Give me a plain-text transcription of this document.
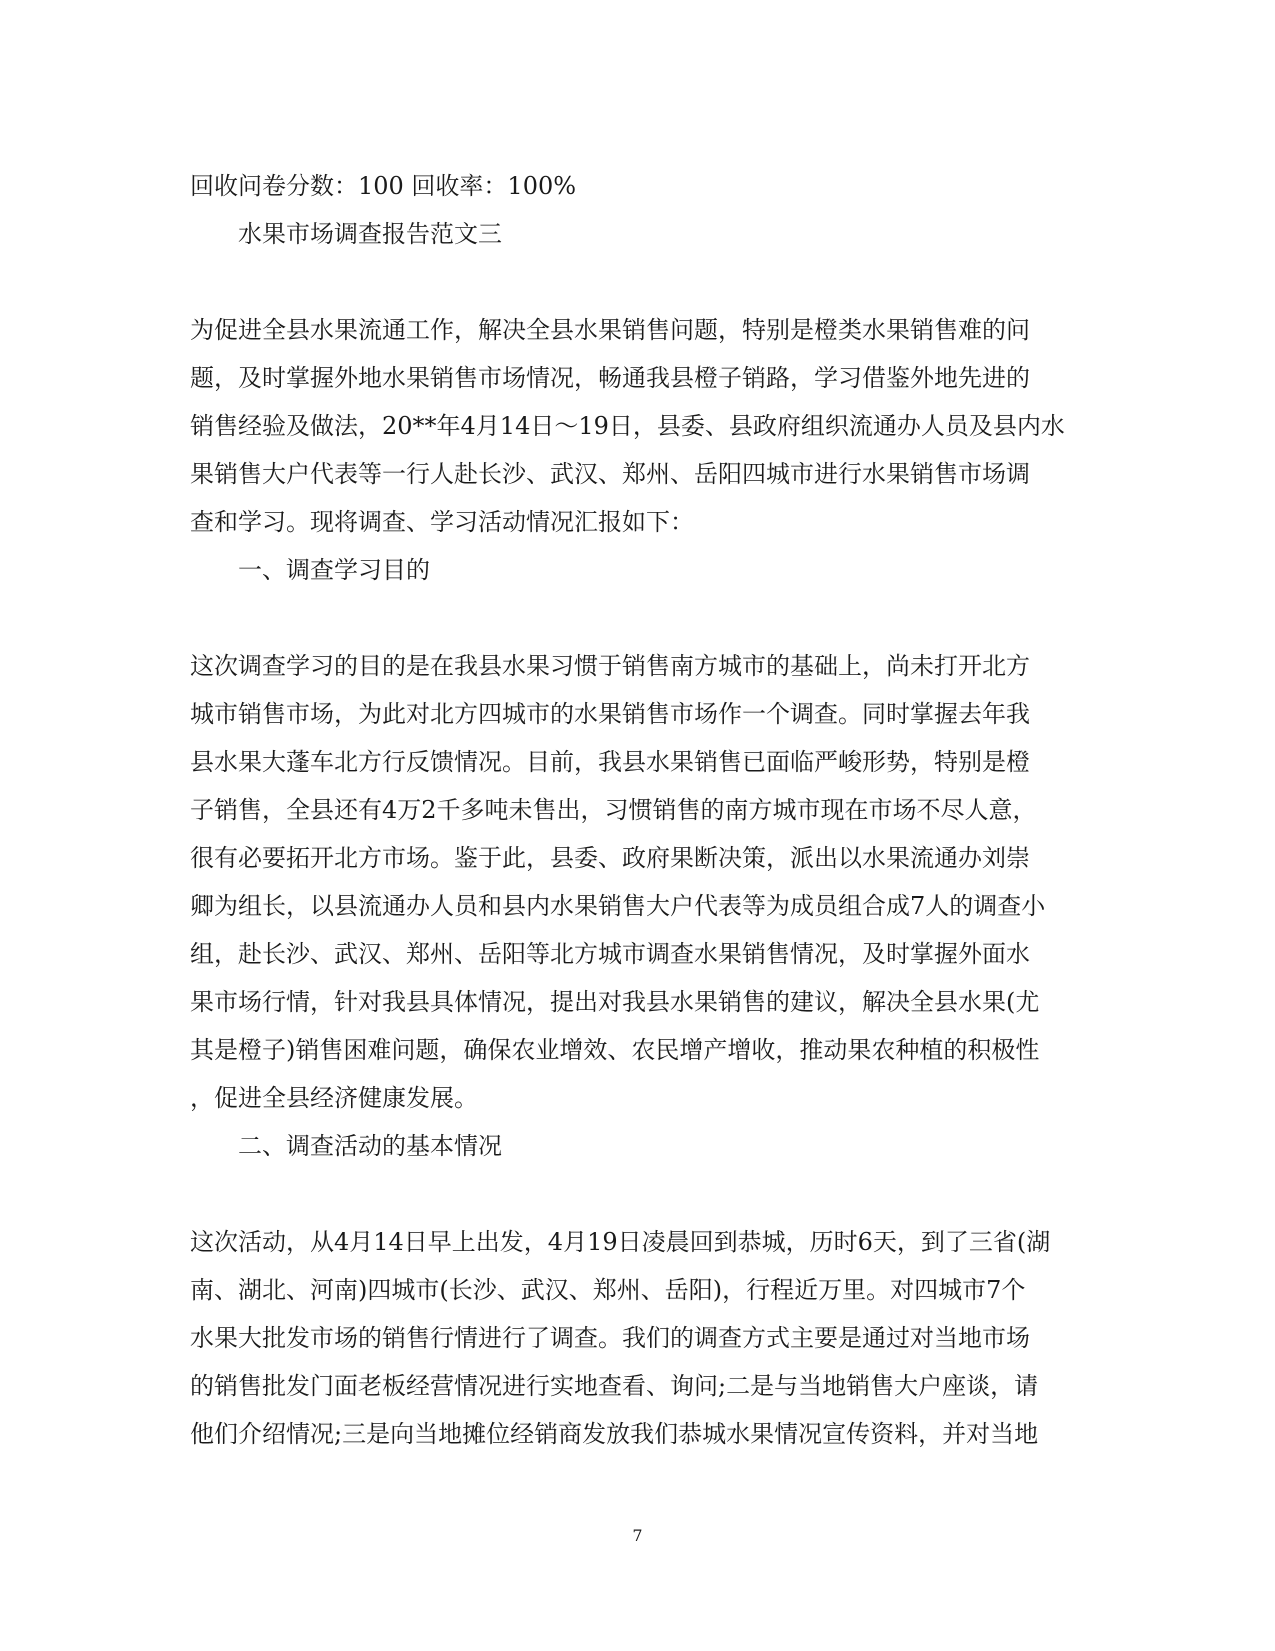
回收问卷分数：100 回收率：100%
水果市场调查报告范文三
为促进全县水果流通工作，解决全县水果销售问题，特别是橙类水果销售难的问
题，及时掌握外地水果销售市场情况，畅通我县橙子销路，学习借鉴外地先进的
销售经验及做法，20**年4月14日～19日，县委、县政府组织流通办人员及县内水
果销售大户代表等一行人赴长沙、武汉、郑州、岳阳四城市进行水果销售市场调
查和学习。现将调查、学习活动情况汇报如下：
一、调查学习目的
这次调查学习的目的是在我县水果习惯于销售南方城市的基础上，尚未打开北方
城市销售市场，为此对北方四城市的水果销售市场作一个调查。同时掌握去年我
县水果大蓬车北方行反馈情况。目前，我县水果销售已面临严峻形势，特别是橙
子销售，全县还有4万2千多吨未售出，习惯销售的南方城市现在市场不尽人意，
很有必要拓开北方市场。鉴于此，县委、政府果断决策，派出以水果流通办刘崇
卿为组长，以县流通办人员和县内水果销售大户代表等为成员组合成7人的调查小
组，赴长沙、武汉、郑州、岳阳等北方城市调查水果销售情况，及时掌握外面水
果市场行情，针对我县具体情况，提出对我县水果销售的建议，解决全县水果(尤
其是橙子)销售困难问题，确保农业增效、农民增产增收，推动果农种植的积极性
，促进全县经济健康发展。
二、调查活动的基本情况
这次活动，从4月14日早上出发，4月19日凌晨回到恭城，历时6天，到了三省(湖
南、湖北、河南)四城市(长沙、武汉、郑州、岳阳)，行程近万里。对四城市7个
水果大批发市场的销售行情进行了调查。我们的调查方式主要是通过对当地市场
的销售批发门面老板经营情况进行实地查看、询问;二是与当地销售大户座谈，请
他们介绍情况;三是向当地摊位经销商发放我们恭城水果情况宣传资料，并对当地
7
